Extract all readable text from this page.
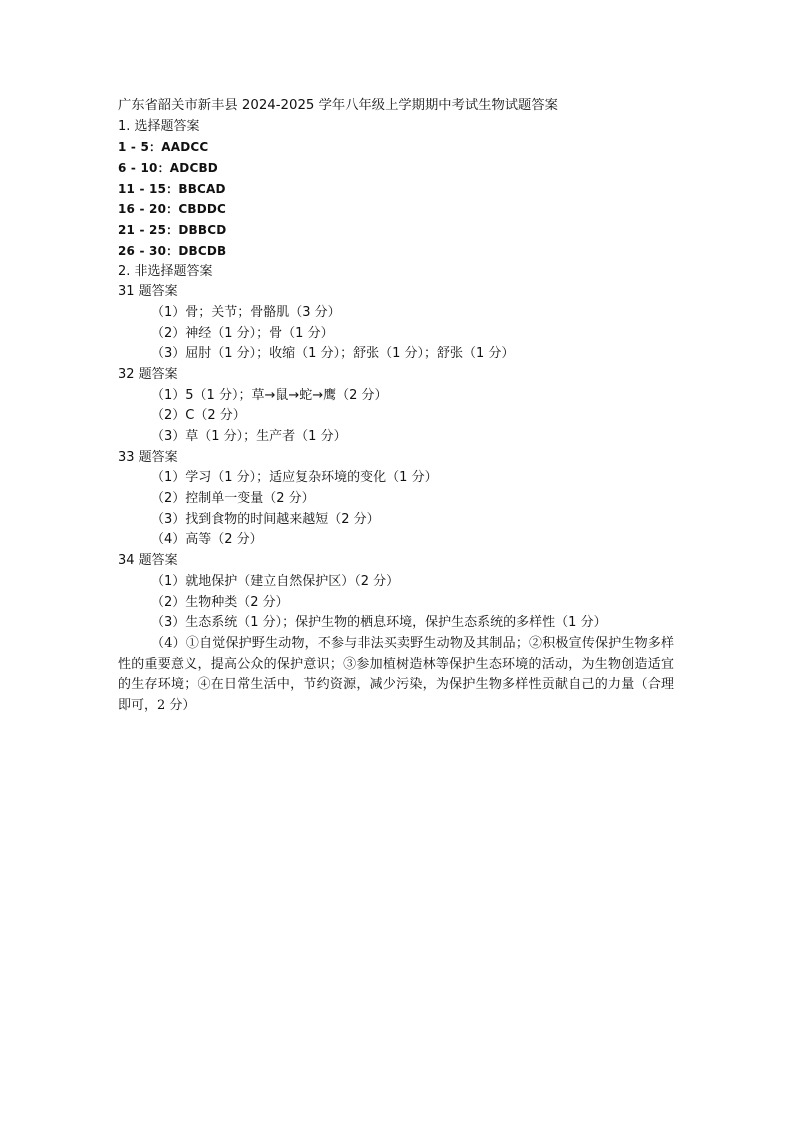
广东省韶关市新丰县 2024-2025 学年八年级上学期期中考试生物试题答案
1. 选择题答案
1 - 5：AADCC
6 - 10：ADCBD
11 - 15：BBCAD
16 - 20：CBDDC
21 - 25：DBBCD
26 - 30：DBCDB
2. 非选择题答案
31 题答案
（1）骨；关节；骨骼肌（3 分）
（2）神经（1 分）；骨（1 分）
（3）屈肘（1 分）；收缩（1 分）；舒张（1 分）；舒张（1 分）
32 题答案
（1）5（1 分）；草→鼠→蛇→鹰（2 分）
（2）C（2 分）
（3）草（1 分）；生产者（1 分）
33 题答案
（1）学习（1 分）；适应复杂环境的变化（1 分）
（2）控制单一变量（2 分）
（3）找到食物的时间越来越短（2 分）
（4）高等（2 分）
34 题答案
（1）就地保护（建立自然保护区）（2 分）
（2）生物种类（2 分）
（3）生态系统（1 分）；保护生物的栖息环境，保护生态系统的多样性（1 分）
（4）①自觉保护野生动物，不参与非法买卖野生动物及其制品；②积极宣传保护生物多样性的重要意义，提高公众的保护意识；③参加植树造林等保护生态环境的活动，为生物创造适宜的生存环境；④在日常生活中，节约资源，减少污染，为保护生物多样性贡献自己的力量（合理即可，2 分）
